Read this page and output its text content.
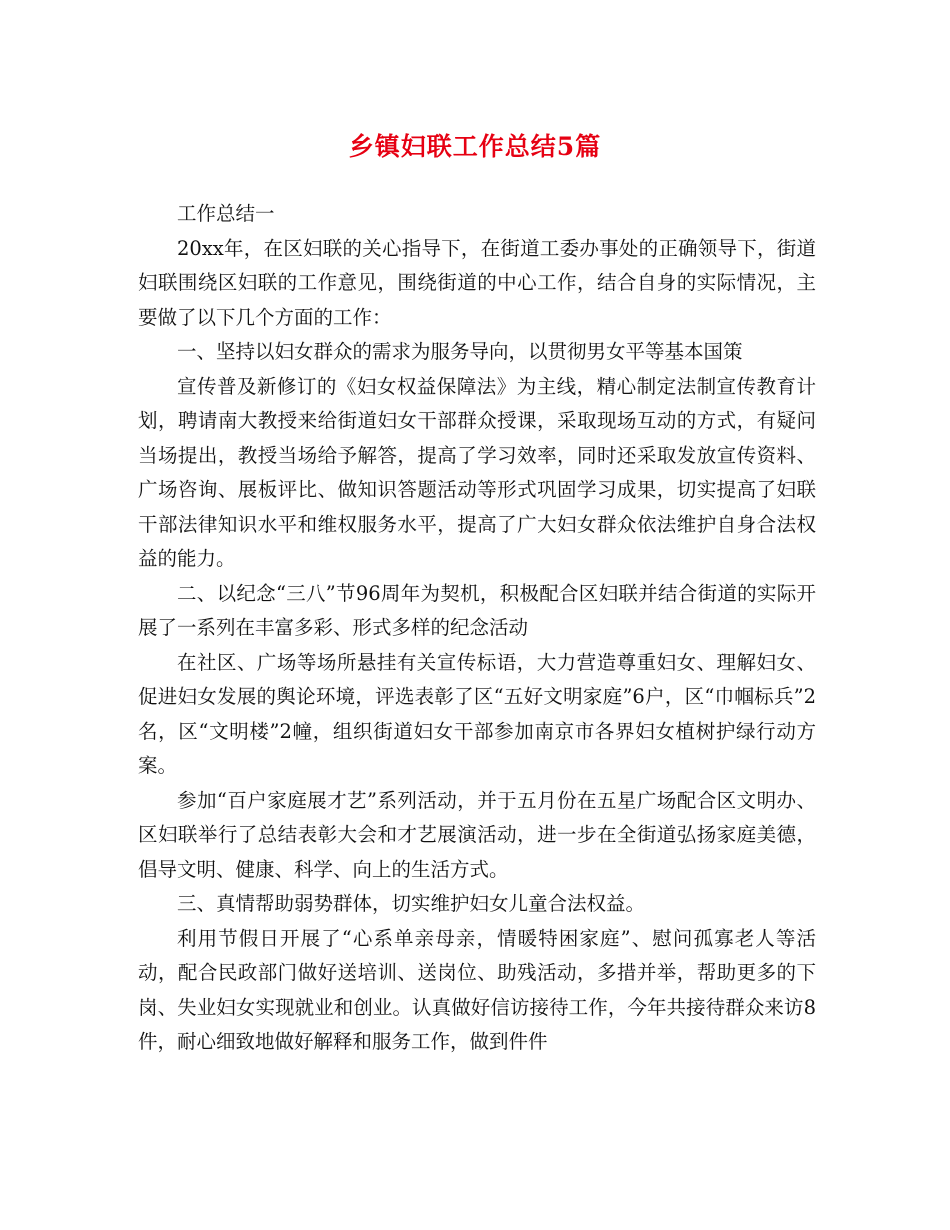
乡镇妇联工作总结5篇

工作总结一

20xx年，在区妇联的关心指导下，在街道工委办事处的正确领导下，街道妇联围绕区妇联的工作意见，围绕街道的中心工作，结合自身的实际情况，主要做了以下几个方面的工作：

一、坚持以妇女群众的需求为服务导向，以贯彻男女平等基本国策

宣传普及新修订的《妇女权益保障法》为主线，精心制定法制宣传教育计划，聘请南大教授来给街道妇女干部群众授课，采取现场互动的方式，有疑问当场提出，教授当场给予解答，提高了学习效率，同时还采取发放宣传资料、广场咨询、展板评比、做知识答题活动等形式巩固学习成果，切实提高了妇联干部法律知识水平和维权服务水平，提高了广大妇女群众依法维护自身合法权益的能力。

二、以纪念“三八”节96周年为契机，积极配合区妇联并结合街道的实际开展了一系列在丰富多彩、形式多样的纪念活动

在社区、广场等场所悬挂有关宣传标语，大力营造尊重妇女、理解妇女、促进妇女发展的舆论环境，评选表彰了区“五好文明家庭”6户，区“巾帼标兵”2名，区“文明楼”2幢，组织街道妇女干部参加南京市各界妇女植树护绿行动方案。

参加“百户家庭展才艺”系列活动，并于五月份在五星广场配合区文明办、区妇联举行了总结表彰大会和才艺展演活动，进一步在全街道弘扬家庭美德，倡导文明、健康、科学、向上的生活方式。

三、真情帮助弱势群体，切实维护妇女儿童合法权益。

利用节假日开展了“心系单亲母亲，情暖特困家庭”、慰问孤寡老人等活动，配合民政部门做好送培训、送岗位、助残活动，多措并举，帮助更多的下岗、失业妇女实现就业和创业。认真做好信访接待工作，今年共接待群众来访8件，耐心细致地做好解释和服务工作，做到件件
